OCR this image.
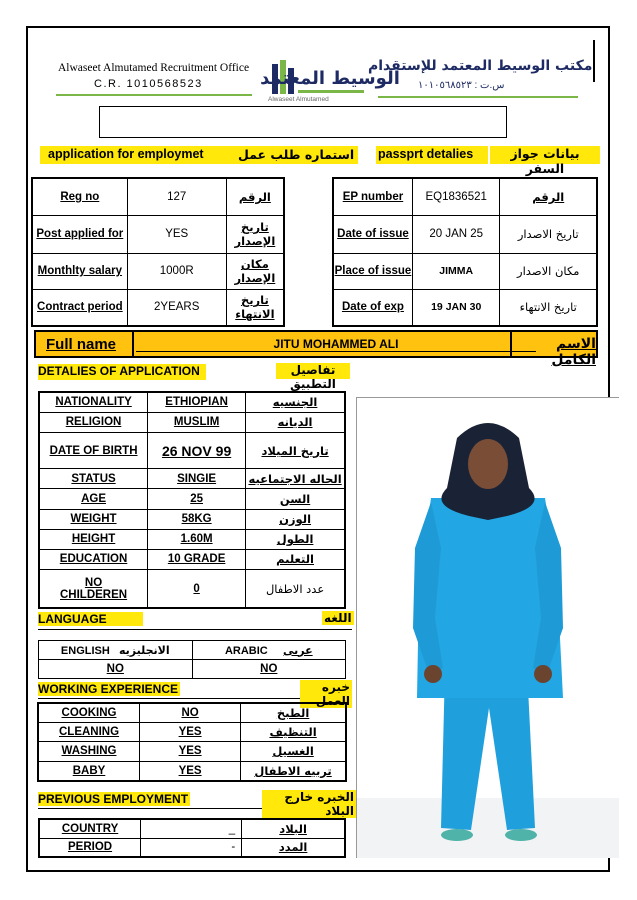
Alwaseet Almutamed Recruitment Office
C.R. 1010568523
مكتب الوسيط المعتمد للإستقدام
س.ت : ١٠١٠٥٦٨٥٢٣
الوسيط المعتمد
Alwaseet Almutamed
application for employmet	استماره طلب عمل passprt detalies	بيانات جواز السفر
Reg no	127	الرقم
Post applied for	YES	تاريخ الإصدار
Monthlty salary	1000R	مكان الإصدار
Contract period	2YEARS	تاريخ الانتهاء
EP number	EQ1836521	الرقم
Date of issue	20 JAN 25	تاريخ الاصدار
Place of issue	JIMMA	مكان الاصدار
Date of exp	19 JAN 30	تاريخ الانتهاء
Full name	JITU MOHAMMED ALI	الاسم الكامل
DETALIES OF APPLICATION	تفاصيل التطبيق
NATIONALITY	ETHIOPIAN	الجنسيه
RELIGION	MUSLIM	الديانه
DATE OF BIRTH	26 NOV 99	تاريخ الميلاد
STATUS	SINGIE	الحاله الاجتماعيه
AGE	25	السن
WEIGHT	58KG	الوزن
HEIGHT	1.60M	الطول
EDUCATION	10 GRADE	التعليم
NO CHILDEREN	0	عدد الاطفال
LANGUAGE	اللغه
ENGLISH الانجليزيه	ARABIC عربى
NO	NO
WORKING EXPERIENCE	خبره العمل
COOKING	NO	الطبخ
CLEANING	YES	التنظيف
WASHING	YES	الغسيل
BABY	YES	تربيه الاطفال
PREVIOUS EMPLOYMENT	الخبره خارج البلاد
COUNTRY	_	البلاد
PERIOD	-	المدد
